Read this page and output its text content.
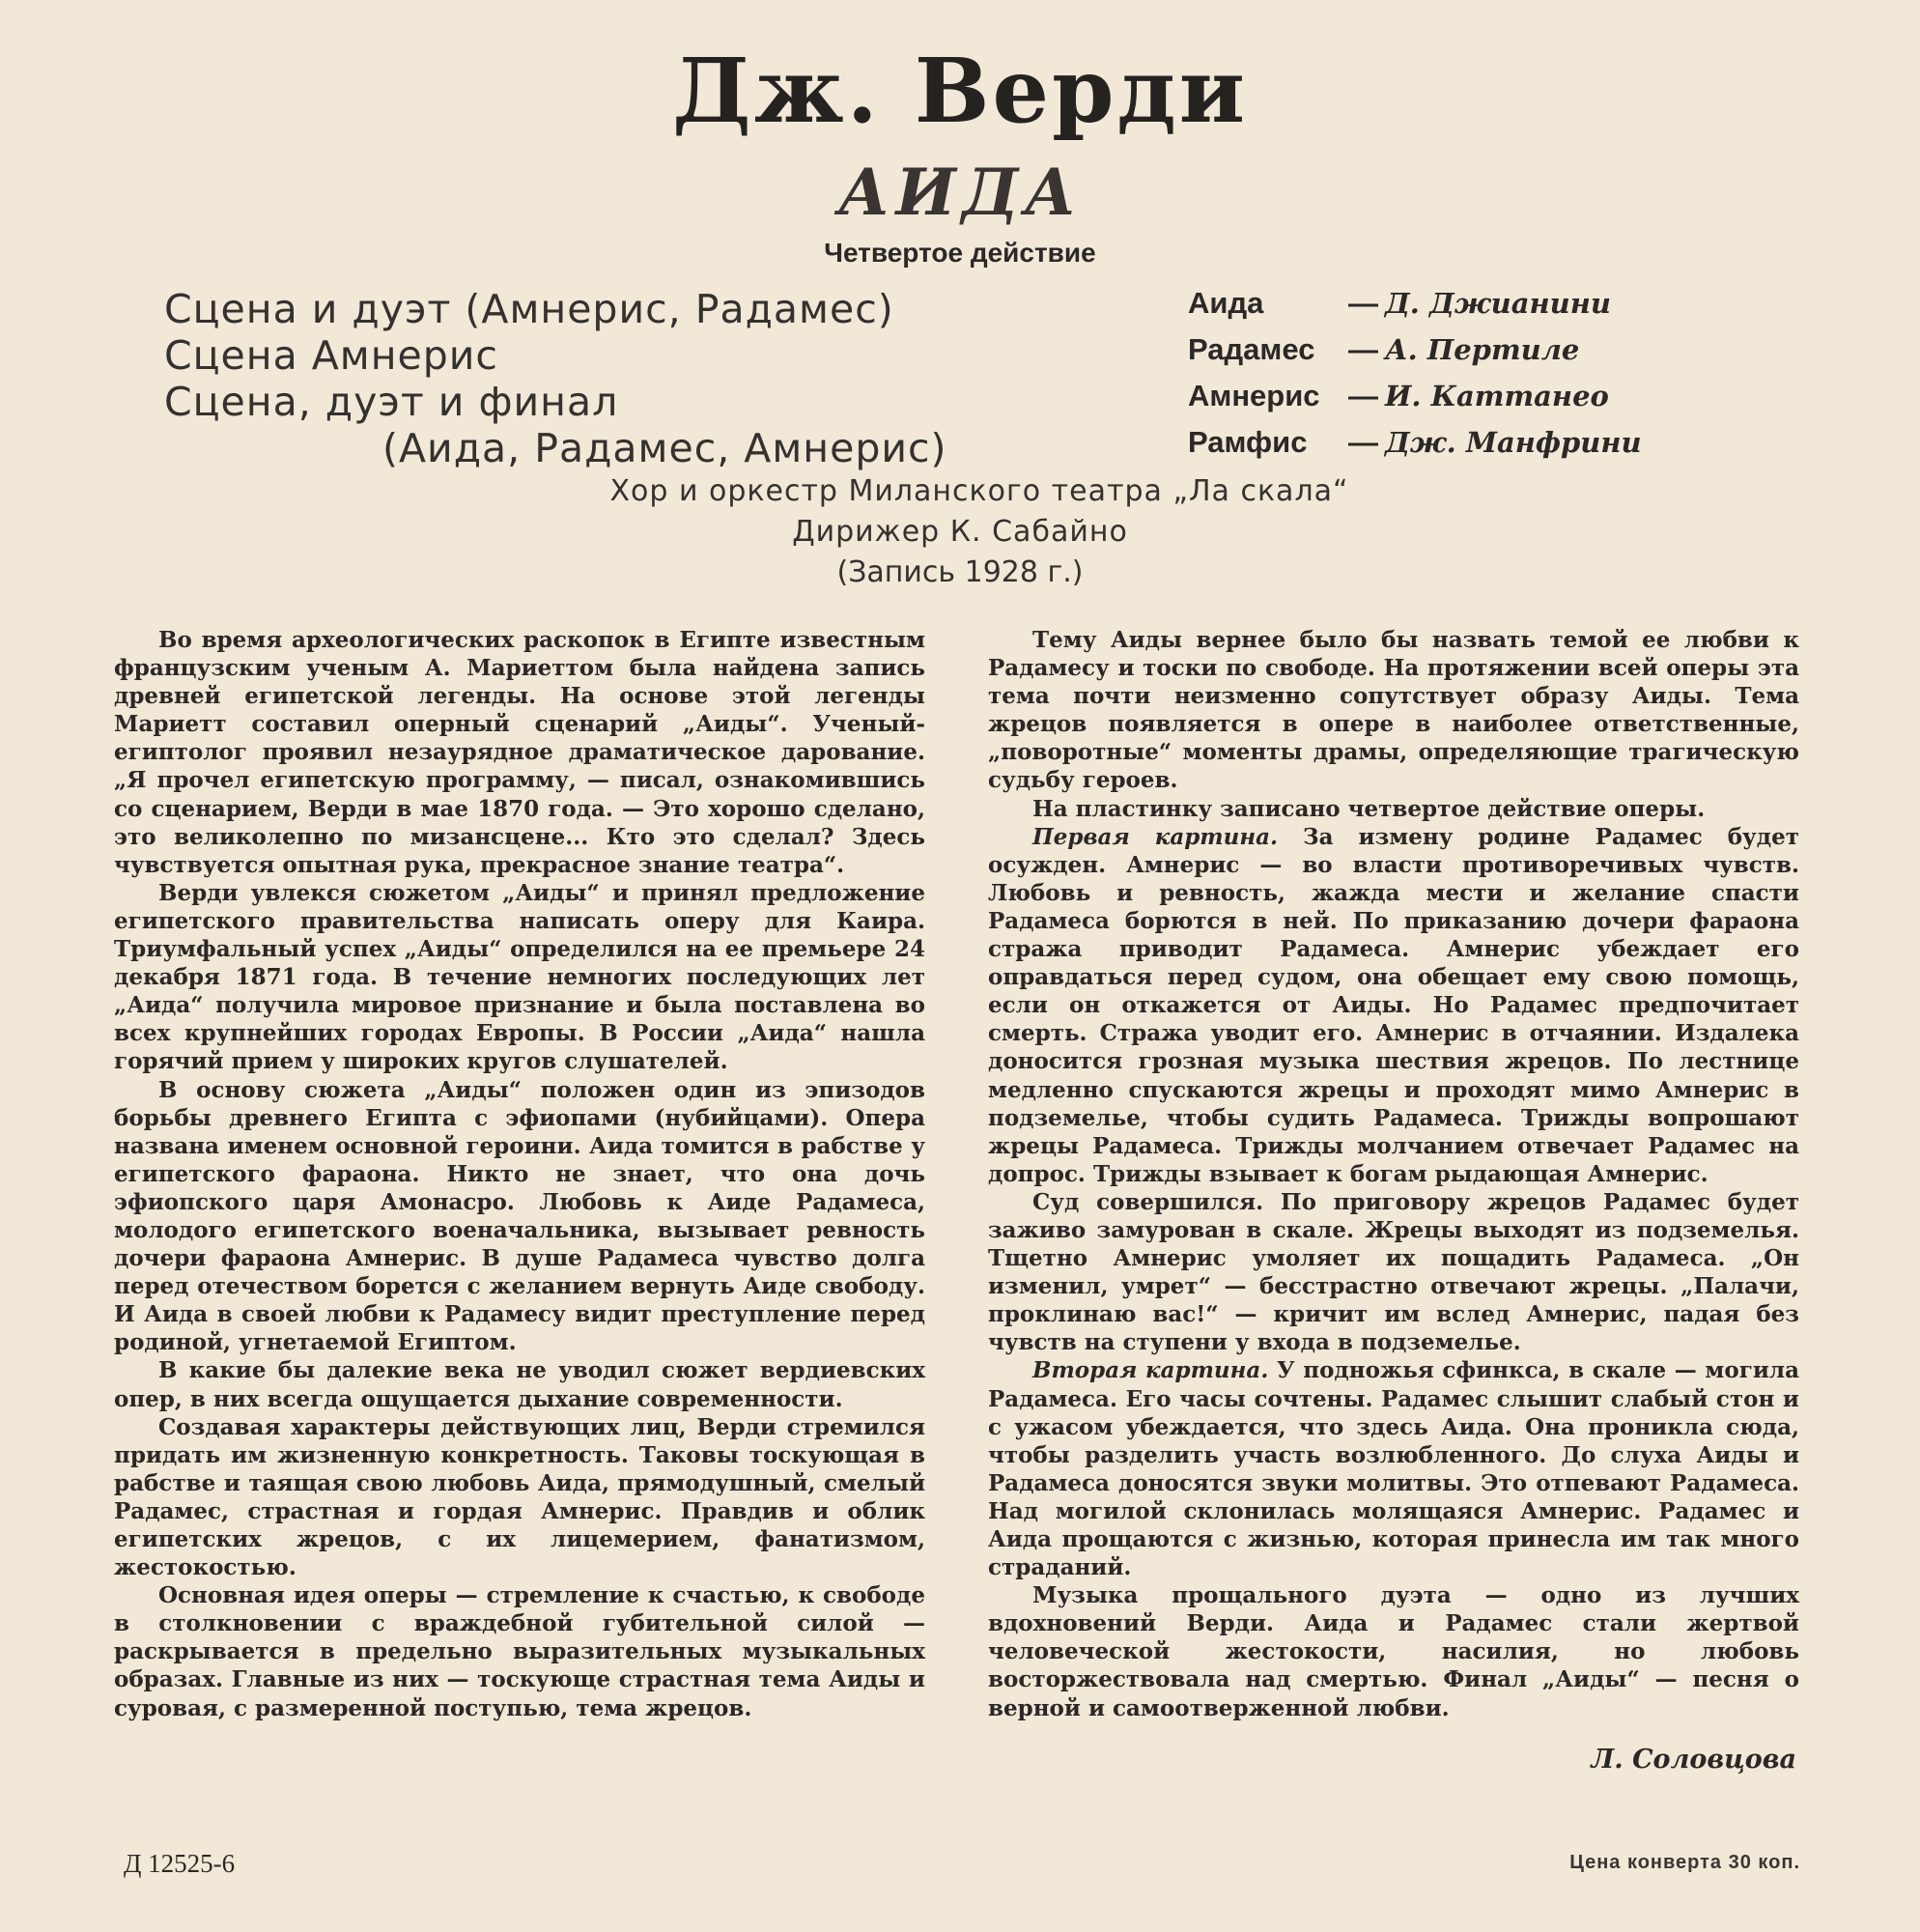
Дж. Верди
АИДА
Четвертое действие
Сцена и дуэт (Амнерис, Радамес)
Сцена Амнерис
Сцена, дуэт и финал
(Аида, Радамес, Амнерис)
Аида	— Д. Джианини
Радамес	— А. Пертиле
Амнерис — И. Каттанео
Рамфис	— Дж. Манфрини
Хор и оркестр Миланского театра „Ла скала“
Дирижер К. Сабайно
(Запись 1928 г.)

Во время археологических раскопок в Египте известным французским ученым А. Мариеттом была найдена запись древней египетской легенды. На основе этой легенды Мариетт составил оперный сценарий „Аиды“. Ученый-египтолог проявил незаурядное драматическое дарование. „Я прочел египетскую программу, — писал, ознакомившись со сценарием, Верди в мае 1870 года. — Это хорошо сделано, это великолепно по мизансцене... Кто это сделал? Здесь чувствуется опытная рука, прекрасное знание театра“.

Верди увлекся сюжетом „Аиды“ и принял предложение египетского правительства написать оперу для Каира. Триумфальный успех „Аиды“ определился на ее премьере 24 декабря 1871 года. В течение немногих последующих лет „Аида“ получила мировое признание и была поставлена во всех крупнейших городах Европы. В России „Аида“ нашла горячий прием у широких кругов слушателей.

В основу сюжета „Аиды“ положен один из эпизодов борьбы древнего Египта с эфиопами (нубийцами). Опера названа именем основной героини. Аида томится в рабстве у египетского фараона. Никто не знает, что она дочь эфиопского царя Амонасро. Любовь к Аиде Радамеса, молодого египетского военачальника, вызывает ревность дочери фараона Амнерис. В душе Радамеса чувство долга перед отечеством борется с желанием вернуть Аиде свободу. И Аида в своей любви к Радамесу видит преступление перед родиной, угнетаемой Египтом.

В какие бы далекие века не уводил сюжет вердиевских опер, в них всегда ощущается дыхание современности.

Создавая характеры действующих лиц, Верди стремился придать им жизненную конкретность. Таковы тоскующая в рабстве и таящая свою любовь Аида, прямодушный, смелый Радамес, страстная и гордая Амнерис. Правдив и облик египетских жрецов, с их лицемерием, фанатизмом, жестокостью.

Основная идея оперы — стремление к счастью, к свободе в столкновении с враждебной губительной силой — раскрывается в предельно выразительных музыкальных образах. Главные из них — тоскующе страстная тема Аиды и суровая, с размеренной поступью, тема жрецов.

Тему Аиды вернее было бы назвать темой ее любви к Радамесу и тоски по свободе. На протяжении всей оперы эта тема почти неизменно сопутствует образу Аиды. Тема жрецов появляется в опере в наиболее ответственные, „поворотные“ моменты драмы, определяющие трагическую судьбу героев.

На пластинку записано четвертое действие оперы.

Первая картина. За измену родине Радамес будет осужден. Амнерис — во власти противоречивых чувств. Любовь и ревность, жажда мести и желание спасти Радамеса борются в ней. По приказанию дочери фараона стража приводит Радамеса. Амнерис убеждает его оправдаться перед судом, она обещает ему свою помощь, если он откажется от Аиды. Но Радамес предпочитает смерть. Стража уводит его. Амнерис в отчаянии. Издалека доносится грозная музыка шествия жрецов. По лестнице медленно спускаются жрецы и проходят мимо Амнерис в подземелье, чтобы судить Радамеса. Трижды вопрошают жрецы Радамеса. Трижды молчанием отвечает Радамес на допрос. Трижды взывает к богам рыдающая Амнерис.

Суд совершился. По приговору жрецов Радамес будет заживо замурован в скале. Жрецы выходят из подземелья. Тщетно Амнерис умоляет их пощадить Радамеса. „Он изменил, умрет“ — бесстрастно отвечают жрецы. „Палачи, проклинаю вас!“ — кричит им вслед Амнерис, падая без чувств на ступени у входа в подземелье.

Вторая картина. У подножья сфинкса, в скале — могила Радамеса. Его часы сочтены. Радамес слышит слабый стон и с ужасом убеждается, что здесь Аида. Она проникла сюда, чтобы разделить участь возлюбленного. До слуха Аиды и Радамеса доносятся звуки молитвы. Это отпевают Радамеса. Над могилой склонилась молящаяся Амнерис. Радамес и Аида прощаются с жизнью, которая принесла им так много страданий.

Музыка прощального дуэта — одно из лучших вдохновений Верди. Аида и Радамес стали жертвой человеческой жестокости, насилия, но любовь восторжествовала над смертью. Финал „Аиды“ — песня о верной и самоотверженной любви.

Л. Соловцова
Д 12525-6	Цена конверта 30 коп.
